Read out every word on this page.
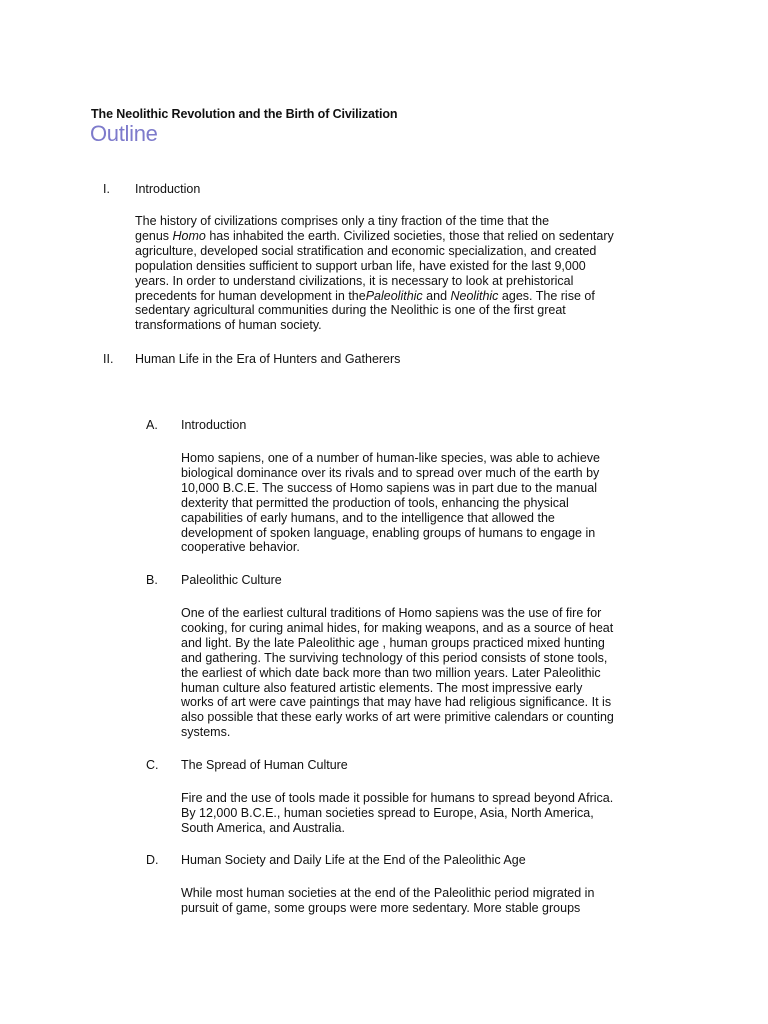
The Neolithic Revolution and the Birth of Civilization
Outline
I. Introduction
The history of civilizations comprises only a tiny fraction of the time that the
genus Homo has inhabited the earth. Civilized societies, those that relied on sedentary
agriculture, developed social stratification and economic specialization, and created
population densities sufficient to support urban life, have existed for the last 9,000
years. In order to understand civilizations, it is necessary to look at prehistorical
precedents for human development in thePaleolithic and Neolithic ages. The rise of
sedentary agricultural communities during the Neolithic is one of the first great
transformations of human society.
II. Human Life in the Era of Hunters and Gatherers
A. Introduction
Homo sapiens, one of a number of human-like species, was able to achieve
biological dominance over its rivals and to spread over much of the earth by
10,000 B.C.E. The success of Homo sapiens was in part due to the manual
dexterity that permitted the production of tools, enhancing the physical
capabilities of early humans, and to the intelligence that allowed the
development of spoken language, enabling groups of humans to engage in
cooperative behavior.
B. Paleolithic Culture
One of the earliest cultural traditions of Homo sapiens was the use of fire for
cooking, for curing animal hides, for making weapons, and as a source of heat
and light. By the late Paleolithic age , human groups practiced mixed hunting
and gathering. The surviving technology of this period consists of stone tools,
the earliest of which date back more than two million years. Later Paleolithic
human culture also featured artistic elements. The most impressive early
works of art were cave paintings that may have had religious significance. It is
also possible that these early works of art were primitive calendars or counting
systems.
C. The Spread of Human Culture
Fire and the use of tools made it possible for humans to spread beyond Africa.
By 12,000 B.C.E., human societies spread to Europe, Asia, North America,
South America, and Australia.
D. Human Society and Daily Life at the End of the Paleolithic Age
While most human societies at the end of the Paleolithic period migrated in
pursuit of game, some groups were more sedentary. More stable groups
